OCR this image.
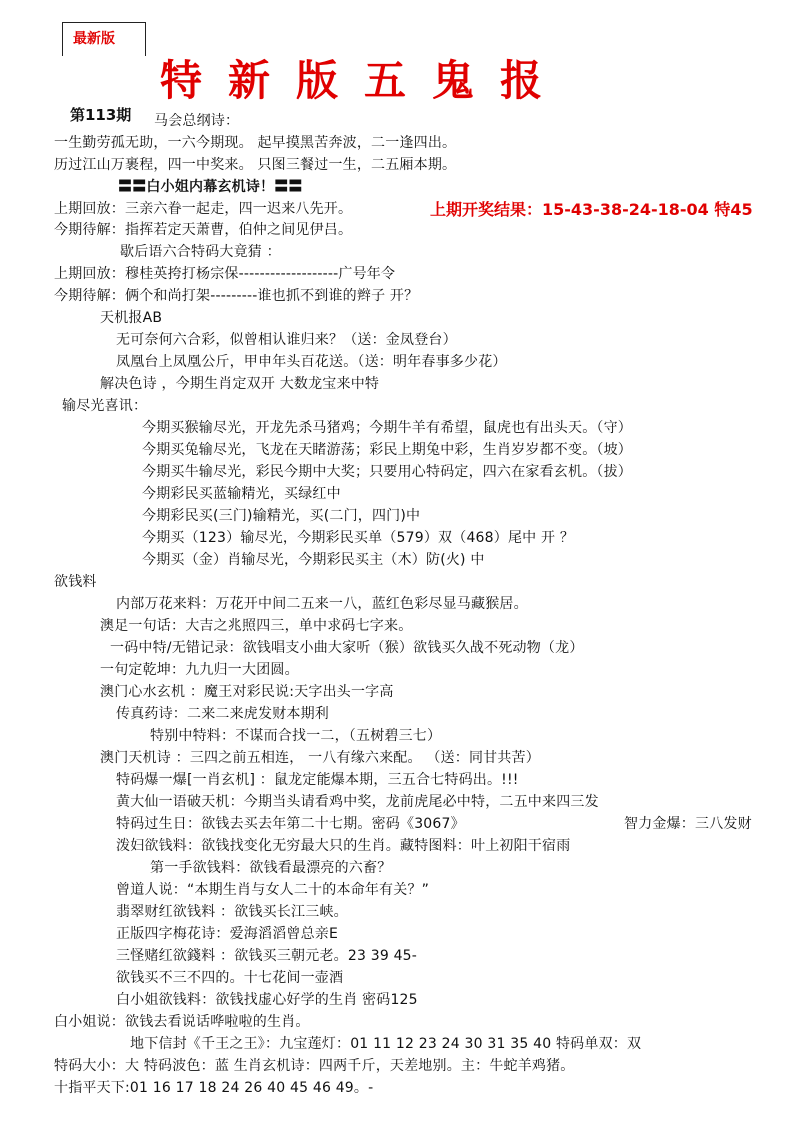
最新版
特新版五鬼报
第113期
上期开奖结果：15-43-38-24-18-04 特45
马会总纲诗：
一生勤劳孤无助，一六今期现。 起早摸黑苦奔波，二一逢四出。
历过江山万裹程，四一中奖来。 只图三餐过一生，二五厢本期。
〓〓白小姐内幕玄机诗！〓〓
上期回放：三亲六眷一起走，四一迟来八先开。
今期待解：指挥若定天萧曹，伯仲之间见伊吕。
歇后语六合特码大竟猜 ：
上期回放：穆桂英挎打杨宗保-------------------广号年令
今期待解：俩个和尚打架---------谁也抓不到谁的辫子 开？
天机报AB
无可奈何六合彩，似曾相认谁归来？（送：金凤登台）
凤凰台上凤凰公斤，甲申年头百花送。（送：明年春事多少花）
解决色诗 ，今期生肖定双开 大数龙宝来中特
输尽光喜讯：
今期买猴输尽光，开龙先杀马猪鸡；今期牛羊有希望，鼠虎也有出头天。（守）
今期买兔输尽光，飞龙在天睹游荡；彩民上期兔中彩，生肖岁岁都不变。（坡）
今期买牛输尽光，彩民今期中大奖；只要用心特码定，四六在家看玄机。（拔）
今期彩民买蓝输精光，买绿红中
今期彩民买(三门)输精光，买(二门，四门)中
今期买（123）输尽光，今期彩民买单（579）双（468）尾中 开 ？
今期买（金）肖输尽光，今期彩民买主（木）防(火) 中
欲钱料
内部万花来料：万花开中间二五来一八，蓝红色彩尽显马藏猴居。
澳足一句话：大吉之兆照四三，单中求码七字来。
一码中特/无错记录：欲钱唱支小曲大家听（猴）欲钱买久战不死动物（龙）
一句定乾坤：九九归一大团圆。
澳门心水玄机 ：魔王对彩民说:天字出头一字高
传真药诗：二来二来虎发财本期利
特别中特料：不谋而合找一二，（五树碧三七）
澳门天机诗 ：三四之前五相连， 一八有缘六来配。 （送：同甘共苦）
特码爆一爆[一肖玄机] ：鼠龙定能爆本期，三五合七特码出。!!!
黄大仙一语破天机：今期当头请看鸡中奖，龙前虎尾必中特，二五中来四三发
特码过生日：欲钱去买去年第二十七期。密码《3067》	智力金爆：三八发财
泼妇欲钱料：欲钱找变化无穷最大只的生肖。藏特图料：叶上初阳干宿雨
第一手欲钱料：欲钱看最漂亮的六畜？
曾道人说：“本期生肖与女人二十的本命年有关？”
翡翠财红欲钱料 ：欲钱买长江三峡。
正版四字梅花诗：爱海滔滔曾总亲E
三怪赌红欲錢料 ：欲钱买三朝元老。23 39 45-
欲钱买不三不四的。十七花间一壶酒
白小姐欲钱料：欲钱找虚心好学的生肖 密码125
白小姐说：欲钱去看说话哗啦啦的生肖。
地下信封《千王之王》：九宝莲灯：01 11 12 23 24 30 31 35 40 特码单双：双
特码大小：大 特码波色：蓝 生肖玄机诗：四两千斤，天差地别。主：牛蛇羊鸡猪。
十指平天下:01 16 17 18 24 26 40 45 46 49。-
